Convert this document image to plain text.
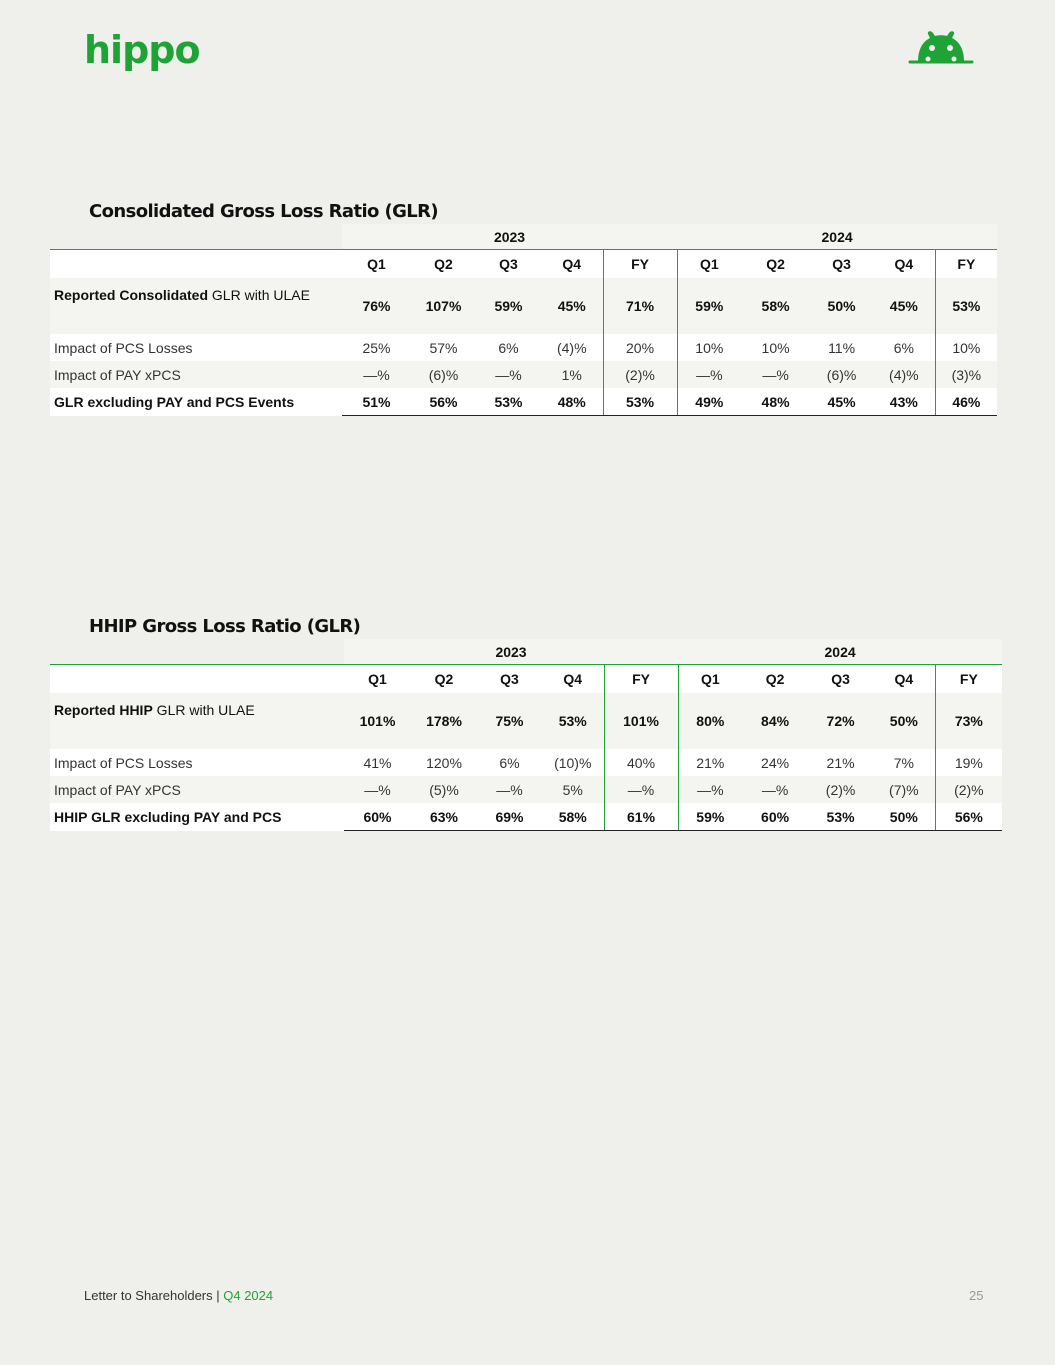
hippo
Consolidated Gross Loss Ratio (GLR)
	2023					2024				
	Q1	Q2	Q3	Q4	FY	Q1	Q2	Q3	Q4	FY
Reported Consolidated GLR with ULAE	76%	107%	59%	45%	71%	59%	58%	50%	45%	53%
Impact of PCS Losses	25%	57%	6%	(4)%	20%	10%	10%	11%	6%	10%
Impact of PAY xPCS	—%	(6)%	—%	1%	(2)%	—%	—%	(6)%	(4)%	(3)%
GLR excluding PAY and PCS Events	51%	56%	53%	48%	53%	49%	48%	45%	43%	46%
HHIP Gross Loss Ratio (GLR)
	2023					2024				
	Q1	Q2	Q3	Q4	FY	Q1	Q2	Q3	Q4	FY
Reported HHIP GLR with ULAE	101%	178%	75%	53%	101%	80%	84%	72%	50%	73%
Impact of PCS Losses	41%	120%	6%	(10)%	40%	21%	24%	21%	7%	19%
Impact of PAY xPCS	—%	(5)%	—%	5%	—%	—%	—%	(2)%	(7)%	(2)%
HHIP GLR excluding PAY and PCS	60%	63%	69%	58%	61%	59%	60%	53%	50%	56%
Letter to Shareholders | Q4 2024	25
